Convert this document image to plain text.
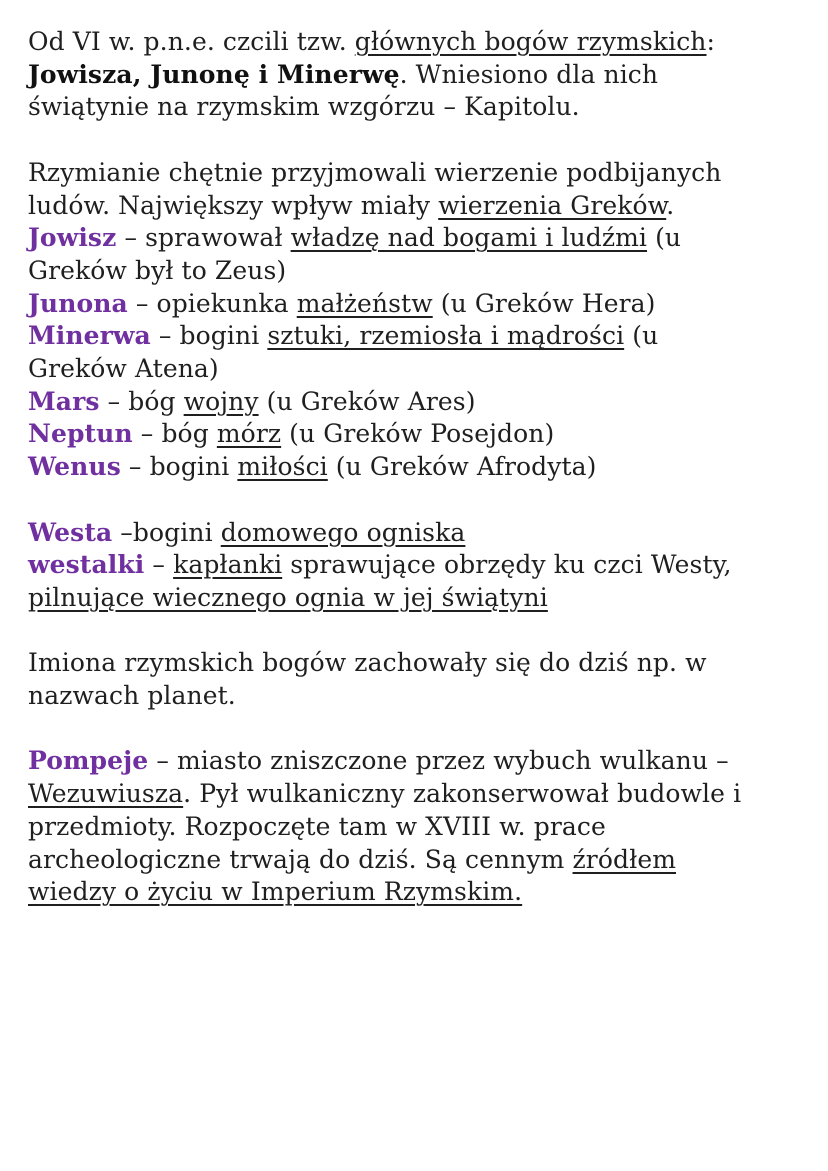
Od VI w. p.n.e. czcili tzw. głównych bogów rzymskich:
Jowisza, Junonę i Minerwę. Wniesiono dla nich
świątynie na rzymskim wzgórzu – Kapitolu.
Rzymianie chętnie przyjmowali wierzenie podbijanych
ludów. Największy wpływ miały wierzenia Greków.
Jowisz – sprawował władzę nad bogami i ludźmi (u
Greków był to Zeus)
Junona – opiekunka małżeństw (u Greków Hera)
Minerwa – bogini sztuki, rzemiosła i mądrości (u
Greków Atena)
Mars – bóg wojny (u Greków Ares)
Neptun – bóg mórz (u Greków Posejdon)
Wenus – bogini miłości (u Greków Afrodyta)
Westa –bogini domowego ogniska
westalki – kapłanki sprawujące obrzędy ku czci Westy,
pilnujące wiecznego ognia w jej świątyni
Imiona rzymskich bogów zachowały się do dziś np. w
nazwach planet.
Pompeje – miasto zniszczone przez wybuch wulkanu –
Wezuwiusza. Pył wulkaniczny zakonserwował budowle i
przedmioty. Rozpoczęte tam w XVIII w. prace
archeologiczne trwają do dziś. Są cennym źródłem
wiedzy o życiu w Imperium Rzymskim.
